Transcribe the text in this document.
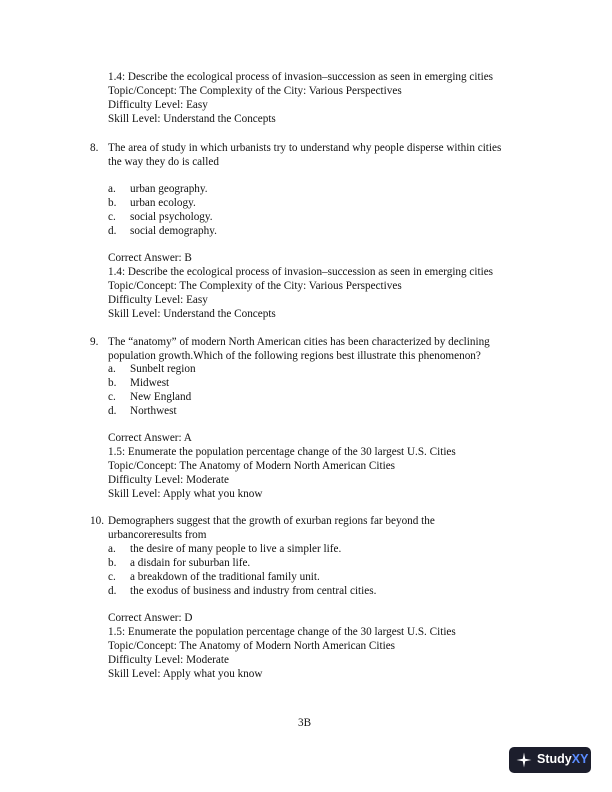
1.4: Describe the ecological process of invasion–succession as seen in emerging cities
Topic/Concept: The Complexity of the City: Various Perspectives
Difficulty Level: Easy
Skill Level: Understand the Concepts
8. The area of study in which urbanists try to understand why people disperse within cities
the way they do is called
a. urban geography.
b. urban ecology.
c. social psychology.
d. social demography.
Correct Answer: B
1.4: Describe the ecological process of invasion–succession as seen in emerging cities
Topic/Concept: The Complexity of the City: Various Perspectives
Difficulty Level: Easy
Skill Level: Understand the Concepts
9. The “anatomy” of modern North American cities has been characterized by declining
population growth.Which of the following regions best illustrate this phenomenon?
a. Sunbelt region
b. Midwest
c. New England
d. Northwest
Correct Answer: A
1.5: Enumerate the population percentage change of the 30 largest U.S. Cities
Topic/Concept: The Anatomy of Modern North American Cities
Difficulty Level: Moderate
Skill Level: Apply what you know
10. Demographers suggest that the growth of exurban regions far beyond the
urbancoreresults from
a. the desire of many people to live a simpler life.
b. a disdain for suburban life.
c. a breakdown of the traditional family unit.
d. the exodus of business and industry from central cities.
Correct Answer: D
1.5: Enumerate the population percentage change of the 30 largest U.S. Cities
Topic/Concept: The Anatomy of Modern North American Cities
Difficulty Level: Moderate
Skill Level: Apply what you know
3B
Study XY
